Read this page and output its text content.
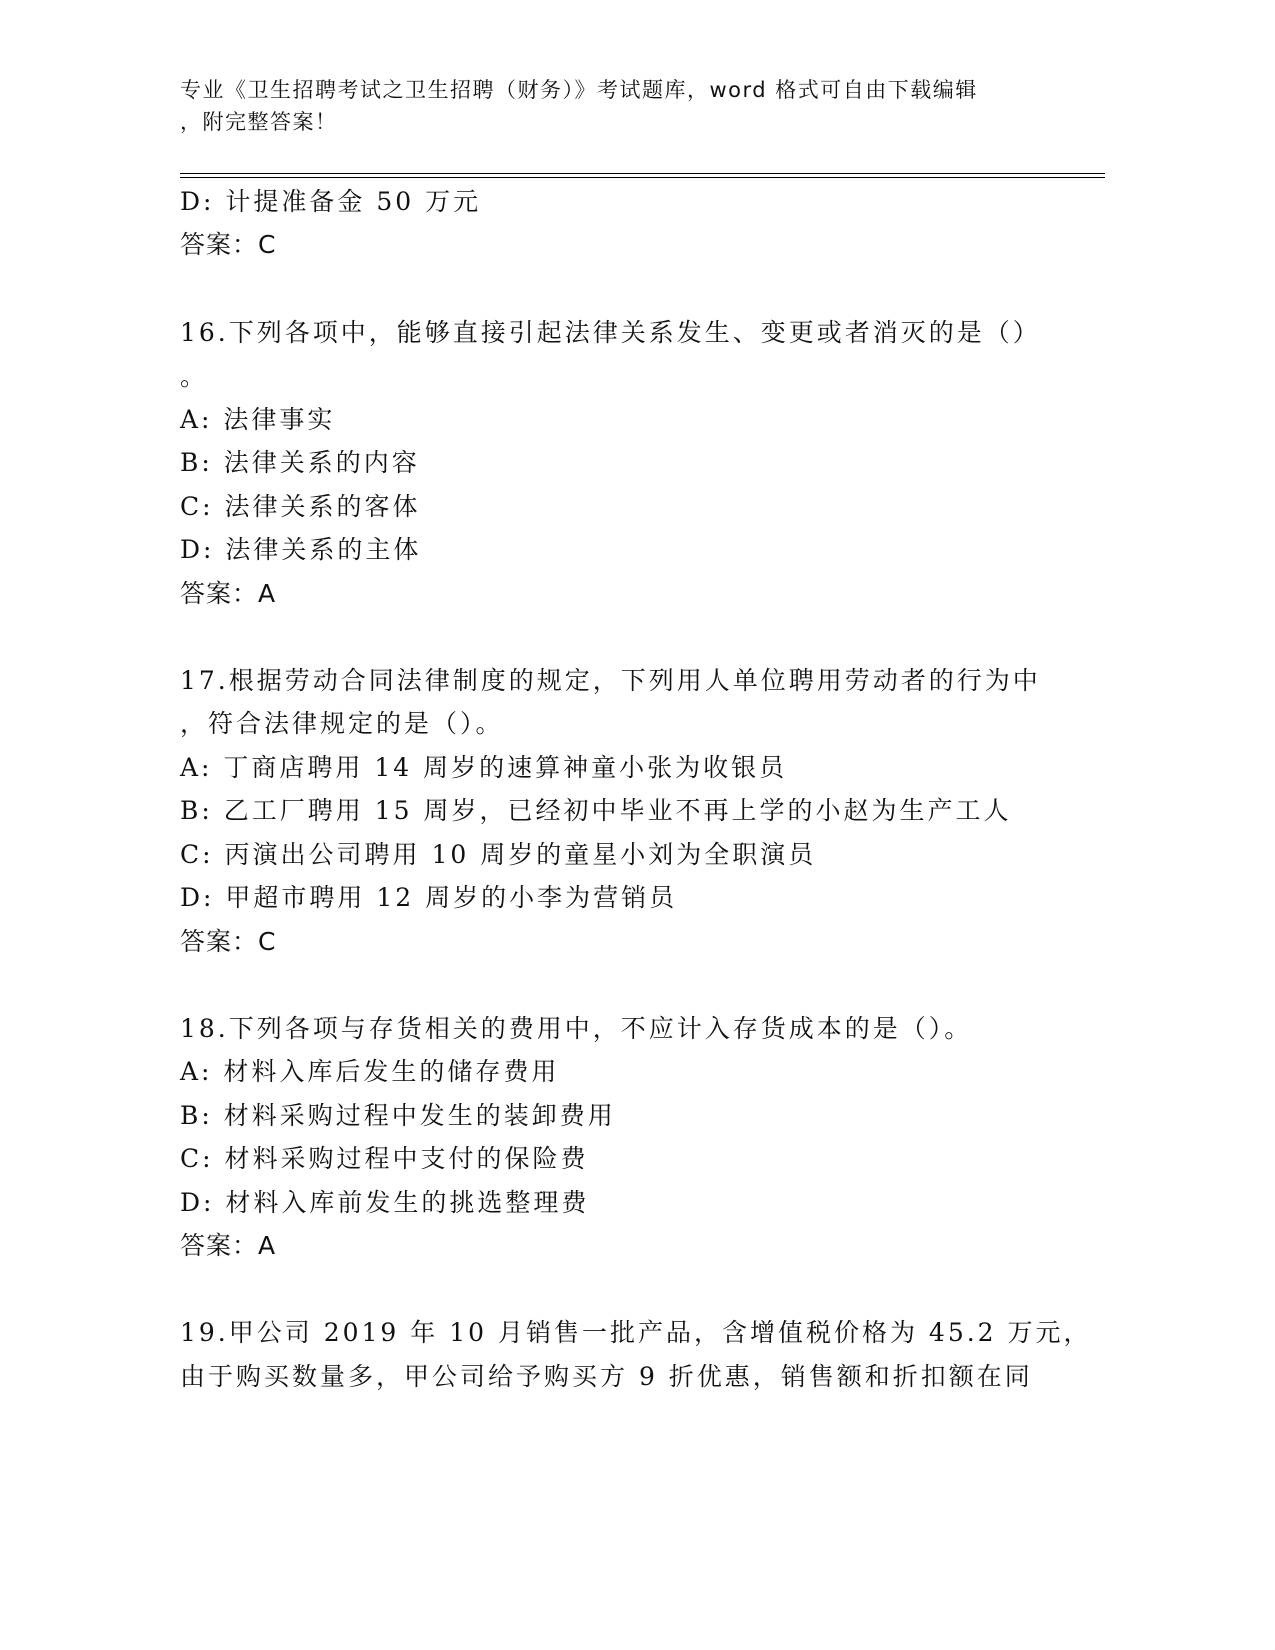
专业《卫生招聘考试之卫生招聘（财务）》考试题库，word 格式可自由下载编辑
，附完整答案！
D: 计提准备金 50 万元
答案：C
16.下列各项中，能够直接引起法律关系发生、变更或者消灭的是（）
。
A: 法律事实
B: 法律关系的内容
C: 法律关系的客体
D: 法律关系的主体
答案：A
17.根据劳动合同法律制度的规定，下列用人单位聘用劳动者的行为中
，符合法律规定的是（）。
A: 丁商店聘用 14 周岁的速算神童小张为收银员
B: 乙工厂聘用 15 周岁，已经初中毕业不再上学的小赵为生产工人
C: 丙演出公司聘用 10 周岁的童星小刘为全职演员
D: 甲超市聘用 12 周岁的小李为营销员
答案：C
18.下列各项与存货相关的费用中，不应计入存货成本的是（）。
A: 材料入库后发生的储存费用
B: 材料采购过程中发生的装卸费用
C: 材料采购过程中支付的保险费
D: 材料入库前发生的挑选整理费
答案：A
19.甲公司 2019 年 10 月销售一批产品，含增值税价格为 45.2 万元，
由于购买数量多，甲公司给予购买方 9 折优惠，销售额和折扣额在同
